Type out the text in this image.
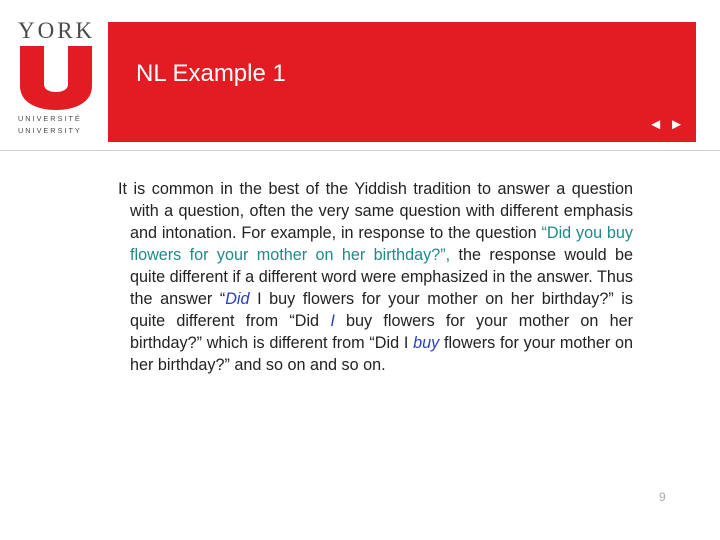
YORK
UNIVERSITÉ
UNIVERSITY
NL Example 1
◄ ►
It is common in the best of the Yiddish tradition to answer a question with a question, often the very same question with different emphasis and intonation. For example, in response to the question “Did you buy flowers for your mother on her birthday?”, the response would be quite different if a different word were emphasized in the answer. Thus the answer “Did I buy flowers for your mother on her birthday?” is quite different from “Did I buy flowers for your mother on her birthday?” which is different from “Did I buy flowers for your mother on her birthday?” and so on and so on.
9
